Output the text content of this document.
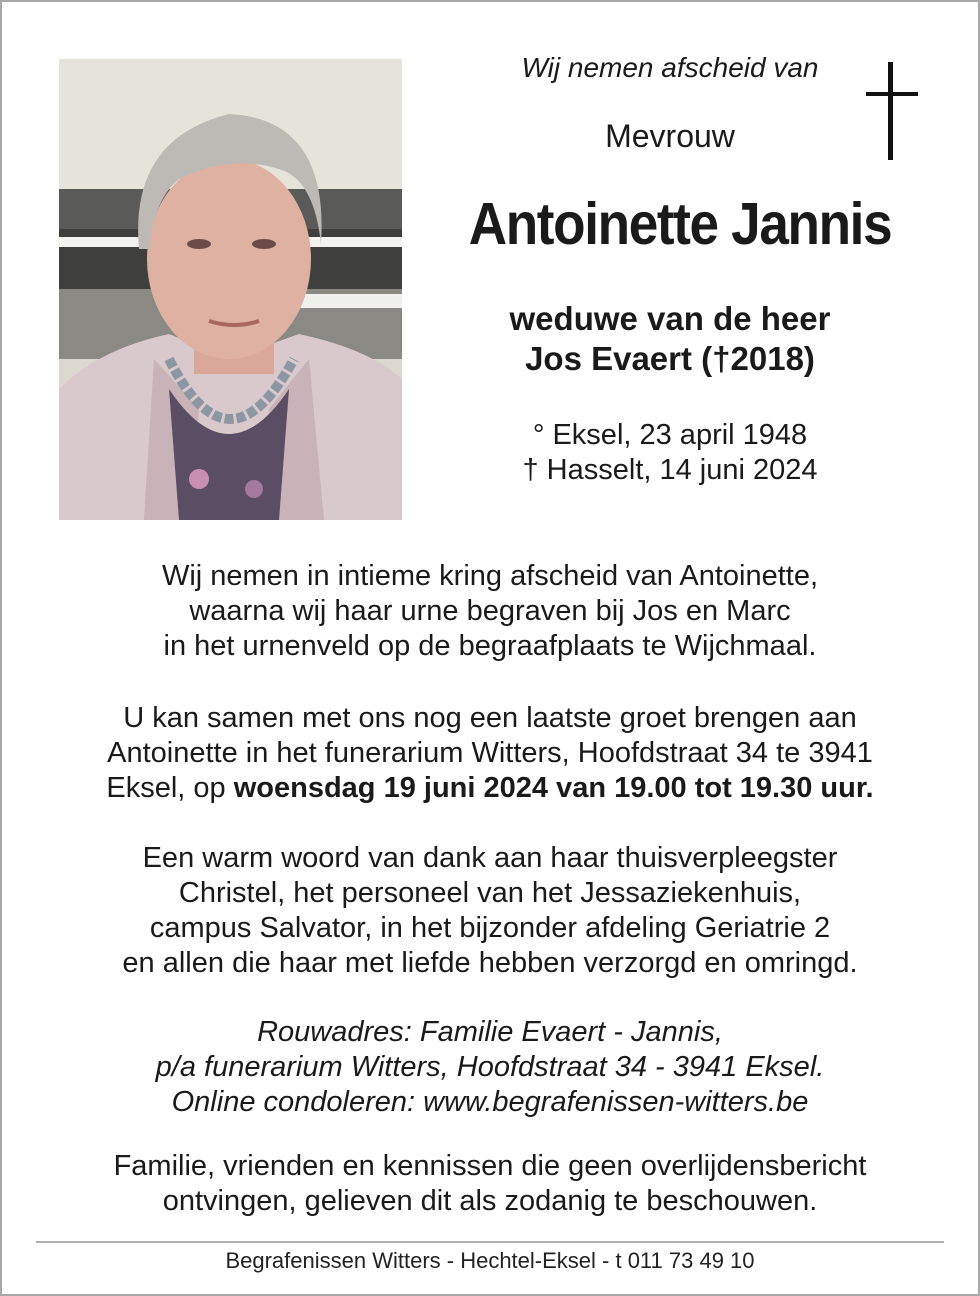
Wij nemen afscheid van
Mevrouw
Antoinette Jannis
weduwe van de heer
Jos Evaert (†2018)
° Eksel, 23 april 1948
† Hasselt, 14 juni 2024
Wij nemen in intieme kring afscheid van Antoinette,
waarna wij haar urne begraven bij Jos en Marc
in het urnenveld op de begraafplaats te Wijchmaal.
U kan samen met ons nog een laatste groet brengen aan
Antoinette in het funerarium Witters, Hoofdstraat 34 te 3941
Eksel, op woensdag 19 juni 2024 van 19.00 tot 19.30 uur.
Een warm woord van dank aan haar thuisverpleegster
Christel, het personeel van het Jessaziekenhuis,
campus Salvator, in het bijzonder afdeling Geriatrie 2
en allen die haar met liefde hebben verzorgd en omringd.
Rouwadres: Familie Evaert - Jannis,
p/a funerarium Witters, Hoofdstraat 34 - 3941 Eksel.
Online condoleren: www.begrafenissen-witters.be
Familie, vrienden en kennissen die geen overlijdensbericht
ontvingen, gelieven dit als zodanig te beschouwen.
Begrafenissen Witters - Hechtel-Eksel - t 011 73 49 10
